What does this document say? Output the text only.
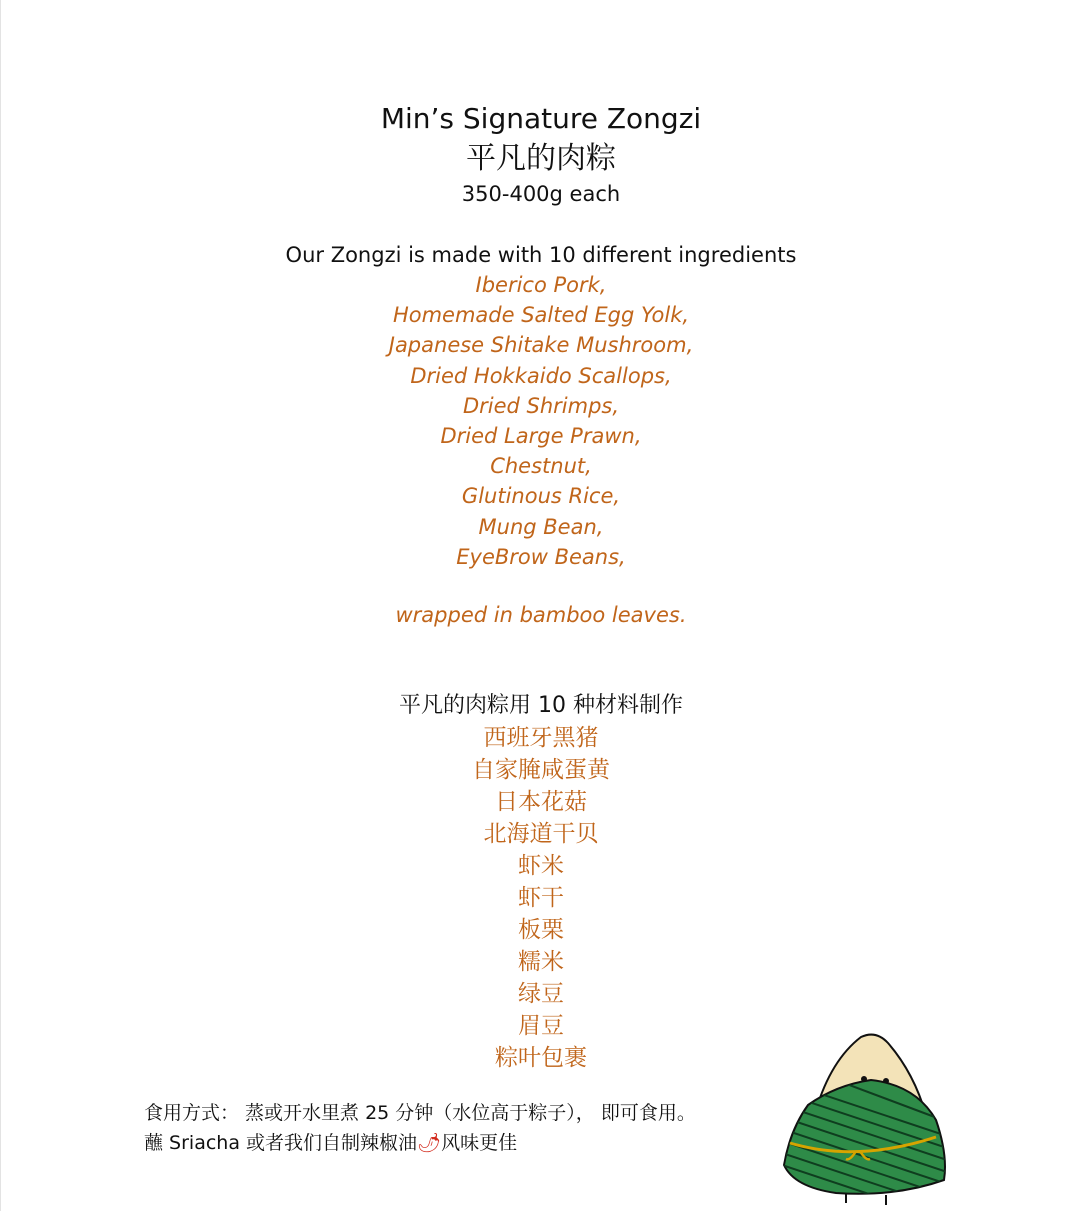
Min’s Signature Zongzi
平凡的肉粽
350-400g each
Our Zongzi is made with 10 different ingredients
Iberico Pork,
Homemade Salted Egg Yolk,
Japanese Shitake Mushroom,
Dried Hokkaido Scallops,
Dried Shrimps,
Dried Large Prawn,
Chestnut,
Glutinous Rice,
Mung Bean,
EyeBrow Beans,
wrapped in bamboo leaves.
平凡的肉粽用 10 种材料制作
西班牙黑猪
自家腌咸蛋黄
日本花菇
北海道干贝
虾米
虾干
板栗
糯米
绿豆
眉豆
粽叶包裹
食用方式： 蒸或开水里煮 25 分钟（水位高于粽子）， 即可食用。
蘸 Sriacha 或者我们自制辣椒油🌶风味更佳
